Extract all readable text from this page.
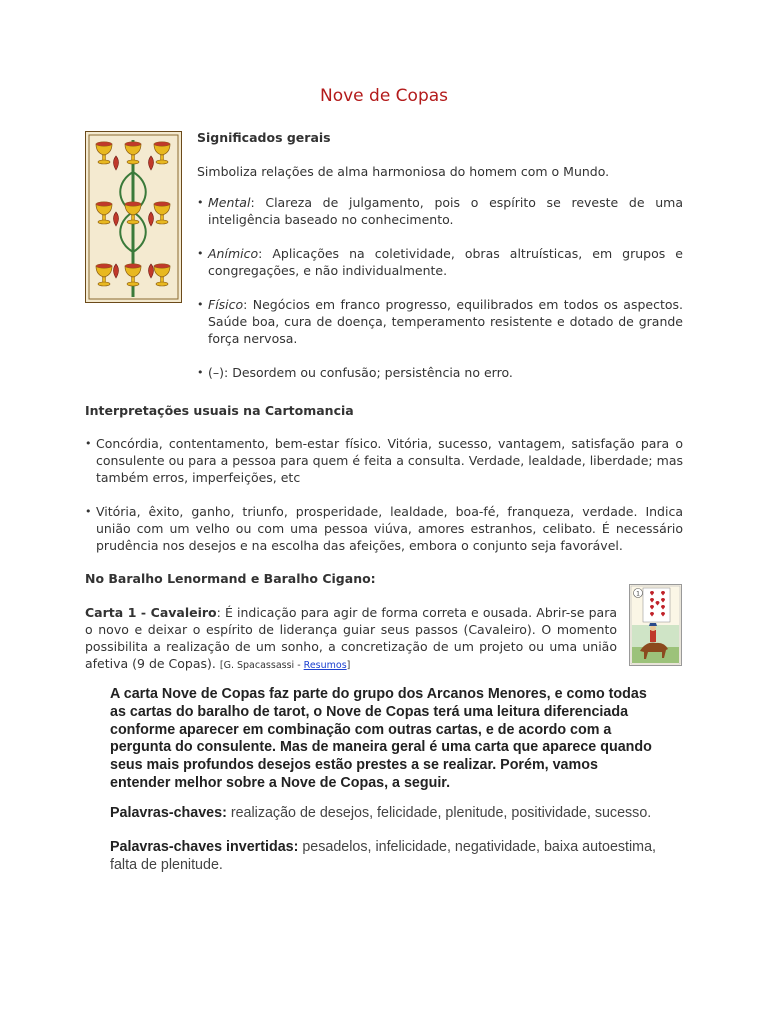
Nove de Copas
Significados gerais
Simboliza relações de alma harmoniosa do homem com o Mundo.
• Mental: Clareza de julgamento, pois o espírito se reveste de uma inteligência baseado no conhecimento.
• Anímico: Aplicações na coletividade, obras altruísticas, em grupos e congregações, e não individualmente.
• Físico: Negócios em franco progresso, equilibrados em todos os aspectos. Saúde boa, cura de doença, temperamento resistente e dotado de grande força nervosa.
• (–): Desordem ou confusão; persistência no erro.
Interpretações usuais na Cartomancia
• Concórdia, contentamento, bem-estar físico. Vitória, sucesso, vantagem, satisfação para o consulente ou para a pessoa para quem é feita a consulta. Verdade, lealdade, liberdade; mas também erros, imperfeições, etc
• Vitória, êxito, ganho, triunfo, prosperidade, lealdade, boa-fé, franqueza, verdade. Indica união com um velho ou com uma pessoa viúva, amores estranhos, celibato. É necessário prudência nos desejos e na escolha das afeições, embora o conjunto seja favorável.
No Baralho Lenormand e Baralho Cigano:
Carta 1 - Cavaleiro: É indicação para agir de forma correta e ousada. Abrir-se para o novo e deixar o espírito de liderança guiar seus passos (Cavaleiro). O momento possibilita a realização de um sonho, a concretização de um projeto ou uma união afetiva (9 de Copas). [G. Spacassassi - Resumos]
1
A carta Nove de Copas faz parte do grupo dos Arcanos Menores, e como todas as cartas do baralho de tarot, o Nove de Copas terá uma leitura diferenciada conforme aparecer em combinação com outras cartas, e de acordo com a pergunta do consulente. Mas de maneira geral é uma carta que aparece quando seus mais profundos desejos estão prestes a se realizar. Porém, vamos entender melhor sobre a Nove de Copas, a seguir.
Palavras-chaves: realização de desejos, felicidade, plenitude, positividade, sucesso.
Palavras-chaves invertidas: pesadelos, infelicidade, negatividade, baixa autoestima, falta de plenitude.
